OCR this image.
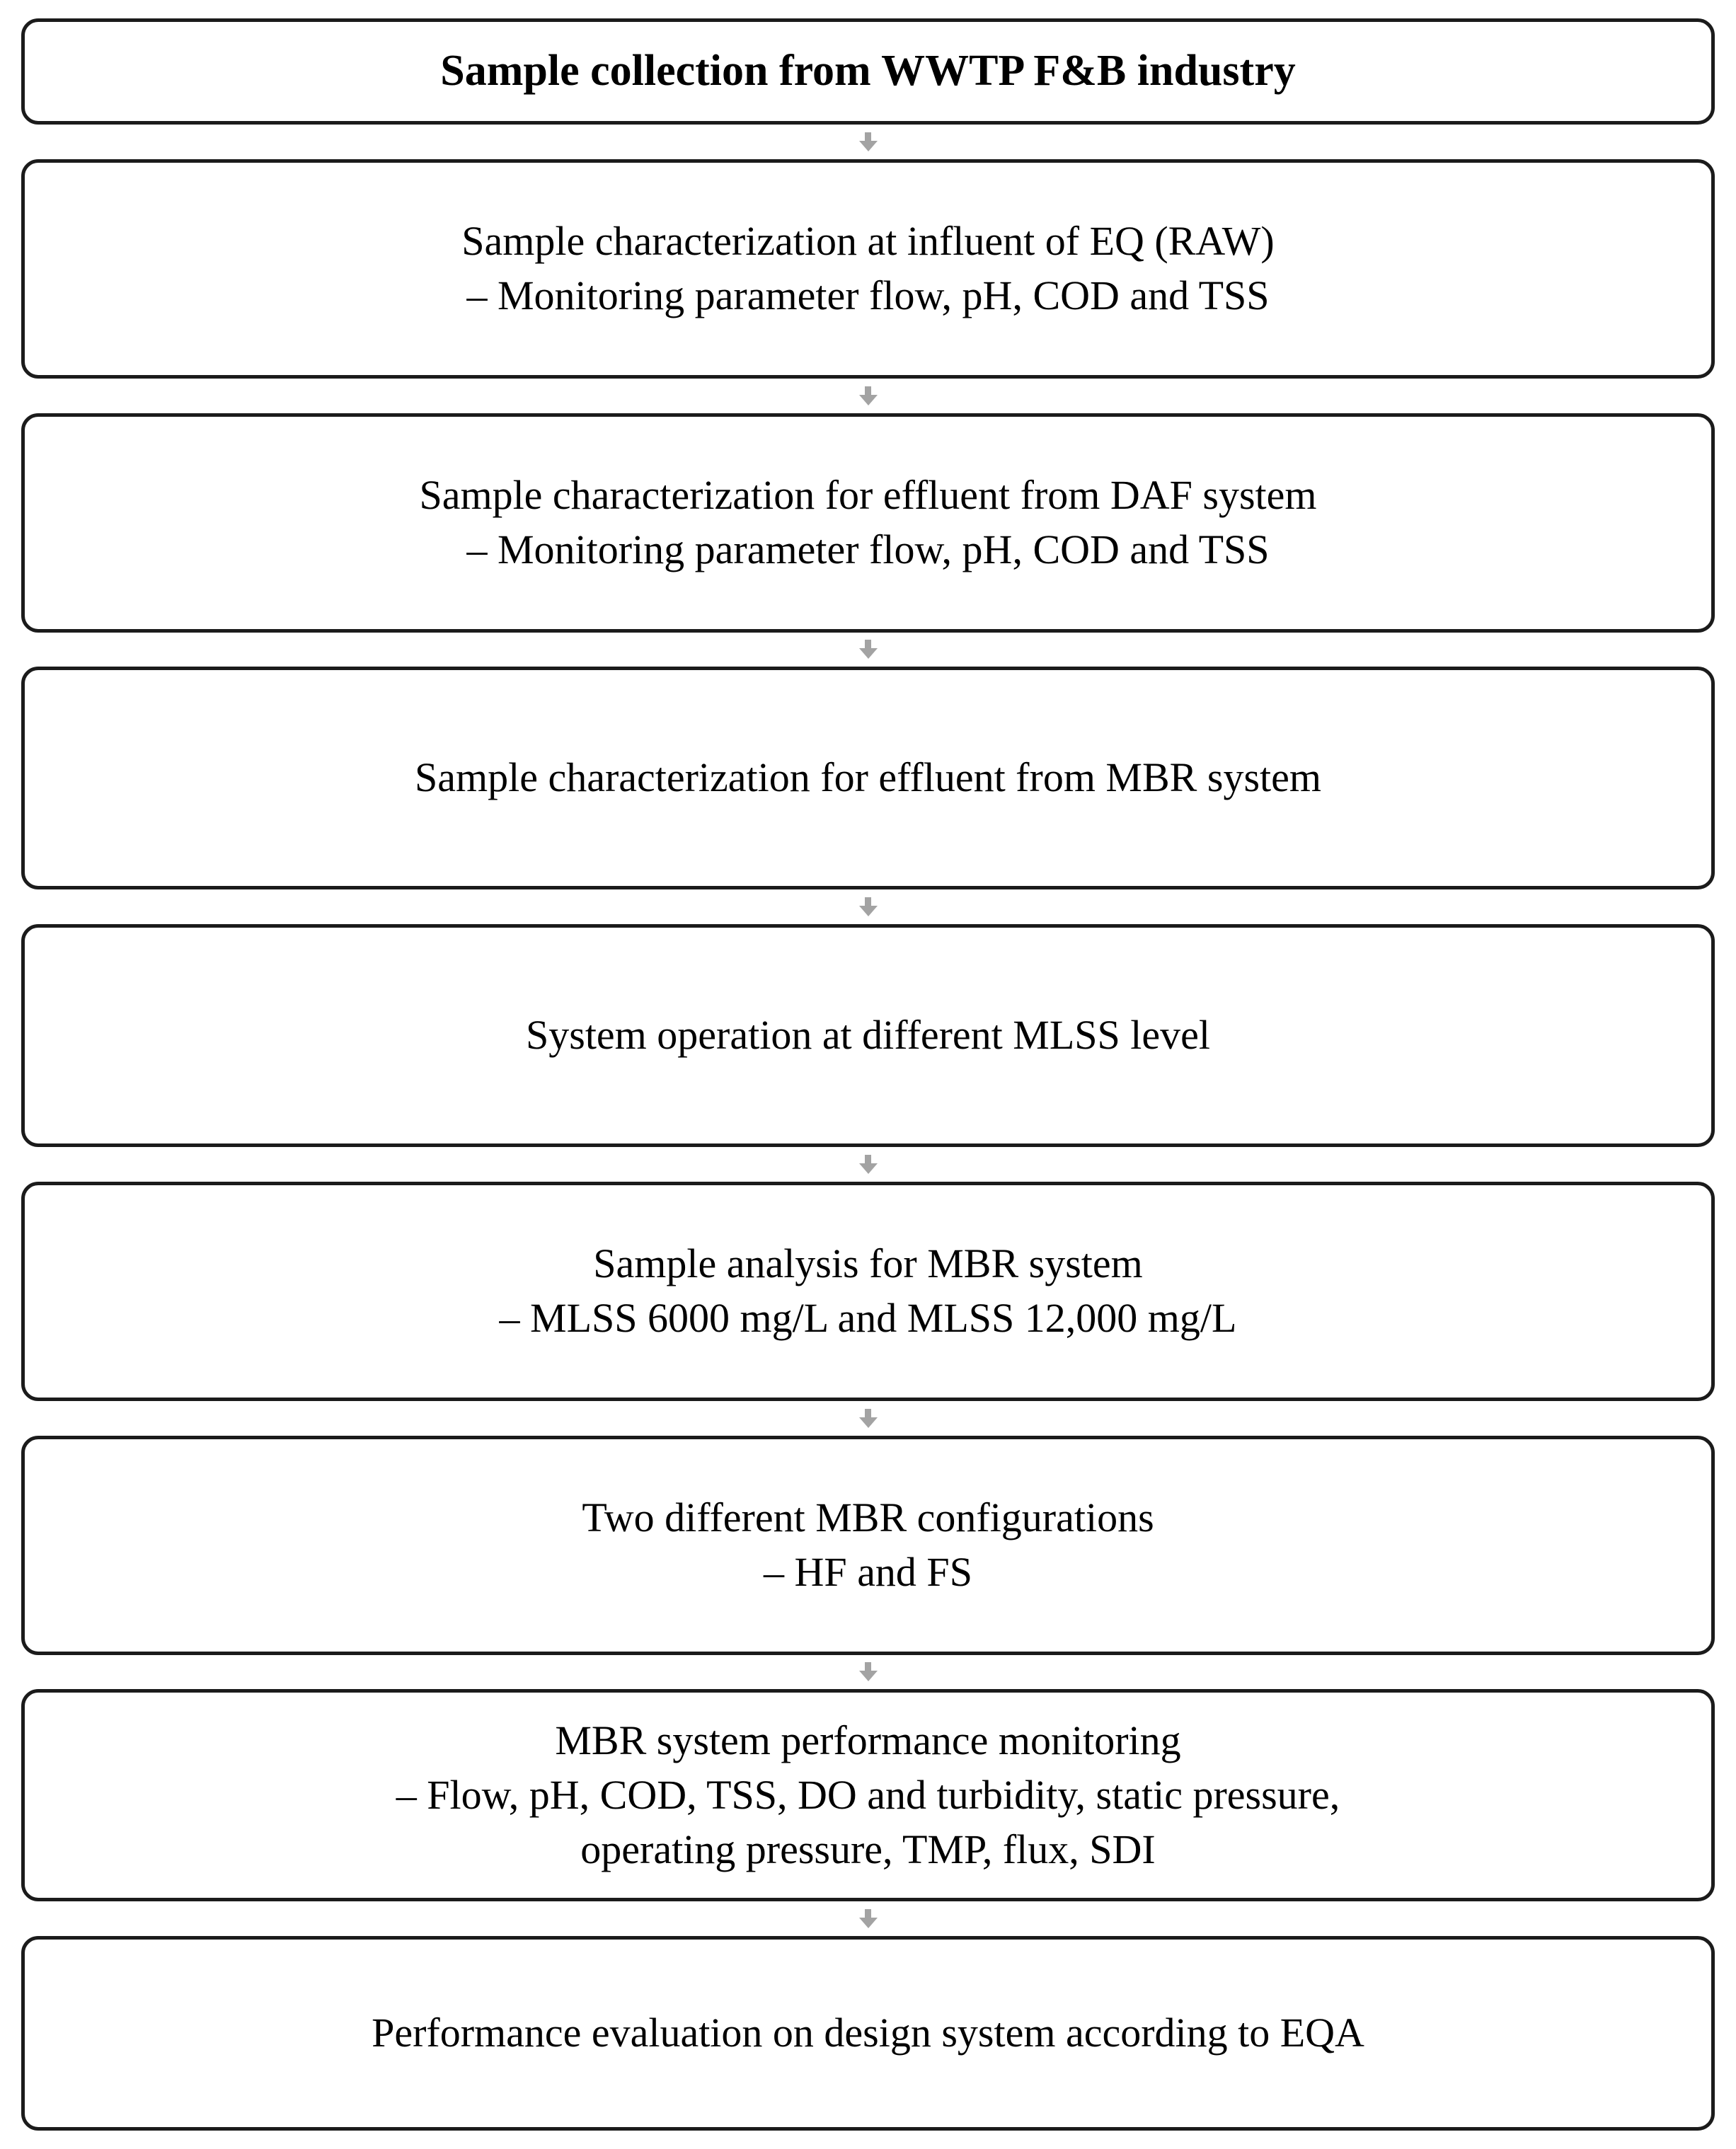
Sample collection from WWTP F&B industry
Sample characterization at influent of EQ (RAW)
– Monitoring parameter flow, pH, COD and TSS
Sample characterization for effluent from DAF system
– Monitoring parameter flow, pH, COD and TSS
Sample characterization for effluent from MBR system
System operation at different MLSS level
Sample analysis for MBR system
– MLSS 6000 mg/L and MLSS 12,000 mg/L
Two different MBR configurations
– HF and FS
MBR system performance monitoring
– Flow, pH, COD, TSS, DO and turbidity, static pressure,
operating pressure, TMP, flux, SDI
Performance evaluation on design system according to EQA
